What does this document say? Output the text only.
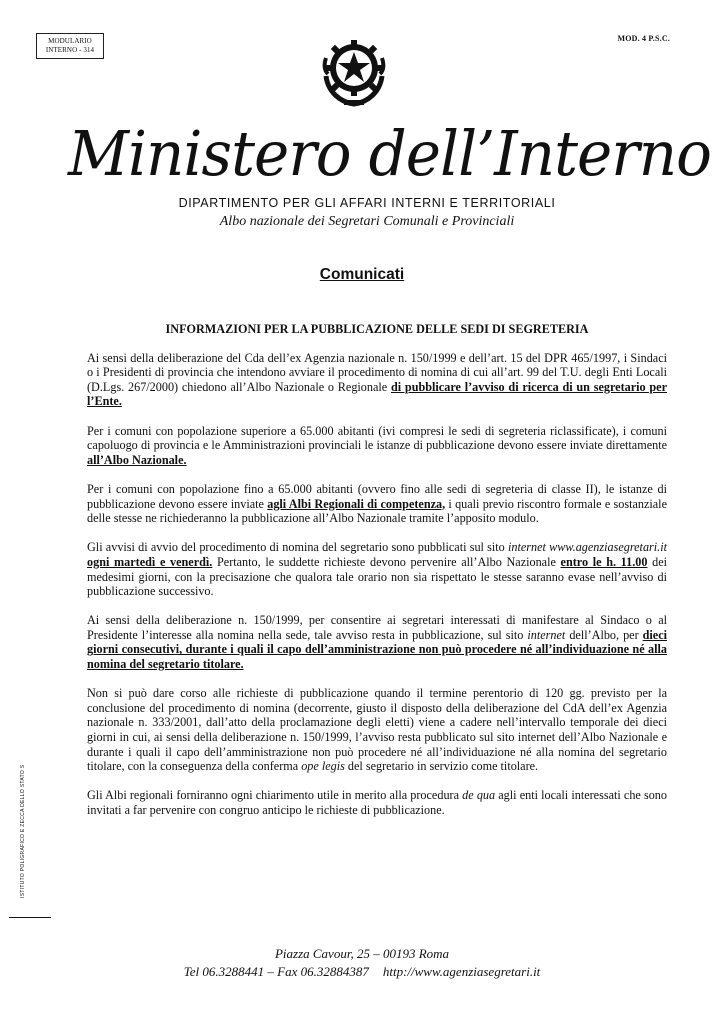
MODULARIO
INTERNO - 314
MOD. 4 P.S.C.
Ministero dell’Interno
DIPARTIMENTO PER GLI AFFARI INTERNI E TERRITORIALI
Albo nazionale dei Segretari Comunali e Provinciali
Comunicati
INFORMAZIONI PER LA PUBBLICAZIONE DELLE SEDI DI SEGRETERIA

Ai sensi della deliberazione del Cda dell’ex Agenzia nazionale n. 150/1999 e dell’art. 15 del DPR 465/1997, i Sindaci o i Presidenti di provincia che intendono avviare il procedimento di nomina di cui all’art. 99 del T.U. degli Enti Locali (D.Lgs. 267/2000) chiedono all’Albo Nazionale o Regionale di pubblicare l’avviso di ricerca di un segretario per l’Ente.

Per i comuni con popolazione superiore a 65.000 abitanti (ivi compresi le sedi di segreteria riclassificate), i comuni capoluogo di provincia e le Amministrazioni provinciali le istanze di pubblicazione devono essere inviate direttamente all’Albo Nazionale.

Per i comuni con popolazione fino a 65.000 abitanti (ovvero fino alle sedi di segreteria di classe II), le istanze di pubblicazione devono essere inviate agli Albi Regionali di competenza, i quali previo riscontro formale e sostanziale delle stesse ne richiederanno la pubblicazione all’Albo Nazionale tramite l’apposito modulo.

Gli avvisi di avvio del procedimento di nomina del segretario sono pubblicati sul sito internet www.agenziasegretari.it ogni martedì e venerdì. Pertanto, le suddette richieste devono pervenire all’Albo Nazionale entro le h. 11.00 dei medesimi giorni, con la precisazione che qualora tale orario non sia rispettato le stesse saranno evase nell’avviso di pubblicazione successivo.

Ai sensi della deliberazione n. 150/1999, per consentire ai segretari interessati di manifestare al Sindaco o al Presidente l’interesse alla nomina nella sede, tale avviso resta in pubblicazione, sul sito internet dell’Albo, per dieci giorni consecutivi, durante i quali il capo dell’amministrazione non può procedere né all’individuazione né alla nomina del segretario titolare.

Non si può dare corso alle richieste di pubblicazione quando il termine perentorio di 120 gg. previsto per la conclusione del procedimento di nomina (decorrente, giusto il disposto della deliberazione del CdA dell’ex Agenzia nazionale n. 333/2001, dall’atto della proclamazione degli eletti) viene a cadere nell’intervallo temporale dei dieci giorni in cui, ai sensi della deliberazione n. 150/1999, l’avviso resta pubblicato sul sito internet dell’Albo Nazionale e durante i quali il capo dell’amministrazione non può procedere né all’individuazione né alla nomina del segretario titolare, con la conseguenza della conferma ope legis del segretario in servizio come titolare.

Gli Albi regionali forniranno ogni chiarimento utile in merito alla procedura de qua agli enti locali interessati che sono invitati a far pervenire con congruo anticipo le richieste di pubblicazione.

ISTITUTO POLIGRAFICO E ZECCA DELLO STATO S
Piazza Cavour, 25 – 00193 Roma
Tel 06.3288441 – Fax 06.32884387 http://www.agenziasegretari.it
